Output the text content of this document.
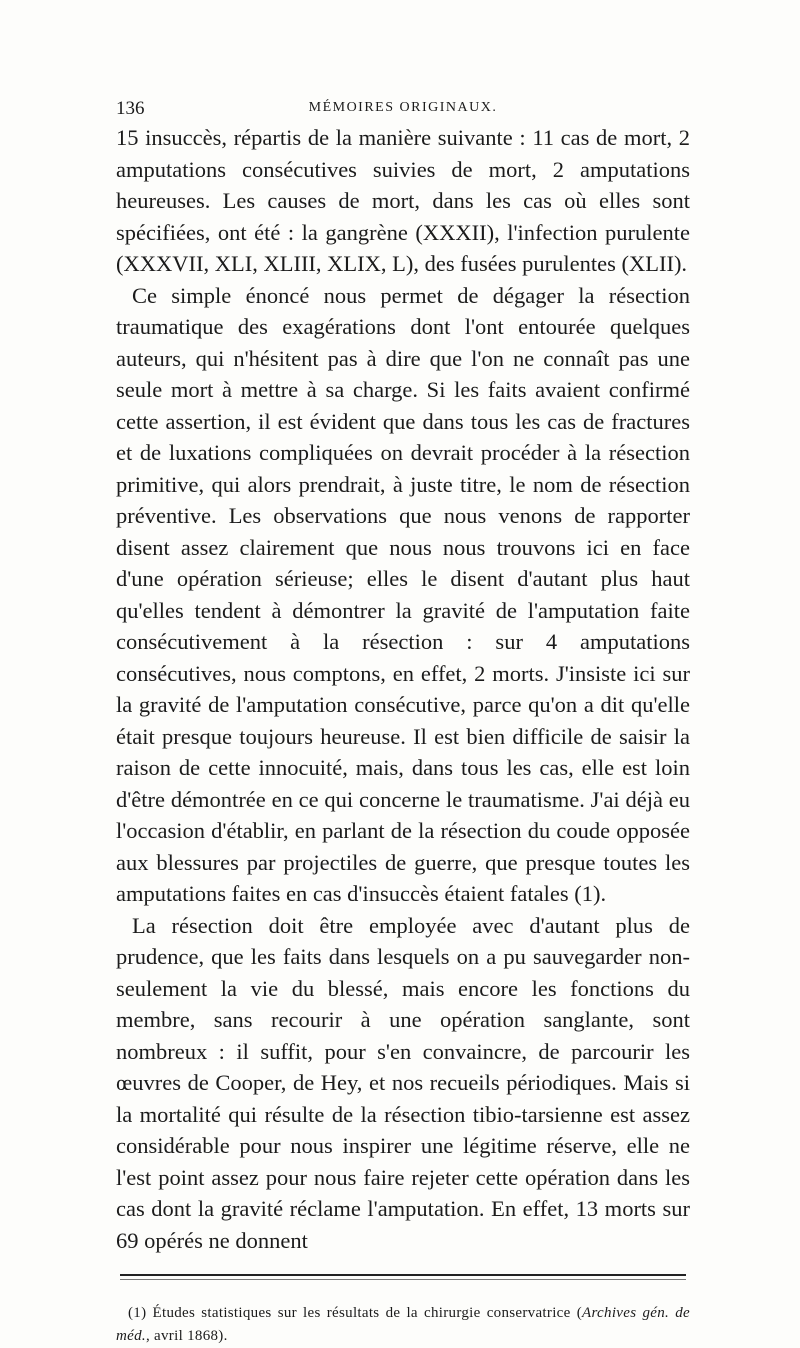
136	MÉMOIRES ORIGINAUX.

15 insuccès, répartis de la manière suivante : 11 cas de mort, 2 amputations consécutives suivies de mort, 2 amputations heureuses. Les causes de mort, dans les cas où elles sont spécifiées, ont été : la gangrène (XXXII), l'infection purulente (XXXVII, XLI, XLIII, XLIX, L), des fusées purulentes (XLII).

Ce simple énoncé nous permet de dégager la résection traumatique des exagérations dont l'ont entourée quelques auteurs, qui n'hésitent pas à dire que l'on ne connaît pas une seule mort à mettre à sa charge. Si les faits avaient confirmé cette assertion, il est évident que dans tous les cas de fractures et de luxations compliquées on devrait procéder à la résection primitive, qui alors prendrait, à juste titre, le nom de résection préventive. Les observations que nous venons de rapporter disent assez clairement que nous nous trouvons ici en face d'une opération sérieuse; elles le disent d'autant plus haut qu'elles tendent à démontrer la gravité de l'amputation faite consécutivement à la résection : sur 4 amputations consécutives, nous comptons, en effet, 2 morts. J'insiste ici sur la gravité de l'amputation consécutive, parce qu'on a dit qu'elle était presque toujours heureuse. Il est bien difficile de saisir la raison de cette innocuité, mais, dans tous les cas, elle est loin d'être démontrée en ce qui concerne le traumatisme. J'ai déjà eu l'occasion d'établir, en parlant de la résection du coude opposée aux blessures par projectiles de guerre, que presque toutes les amputations faites en cas d'insuccès étaient fatales (1).

La résection doit être employée avec d'autant plus de prudence, que les faits dans lesquels on a pu sauvegarder non-seulement la vie du blessé, mais encore les fonctions du membre, sans recourir à une opération sanglante, sont nombreux : il suffit, pour s'en convaincre, de parcourir les œuvres de Cooper, de Hey, et nos recueils périodiques. Mais si la mortalité qui résulte de la résection tibio-tarsienne est assez considérable pour nous inspirer une légitime réserve, elle ne l'est point assez pour nous faire rejeter cette opération dans les cas dont la gravité réclame l'amputation. En effet, 13 morts sur 69 opérés ne donnent

(1) Études statistiques sur les résultats de la chirurgie conservatrice (Archives gén. de méd., avril 1868).
